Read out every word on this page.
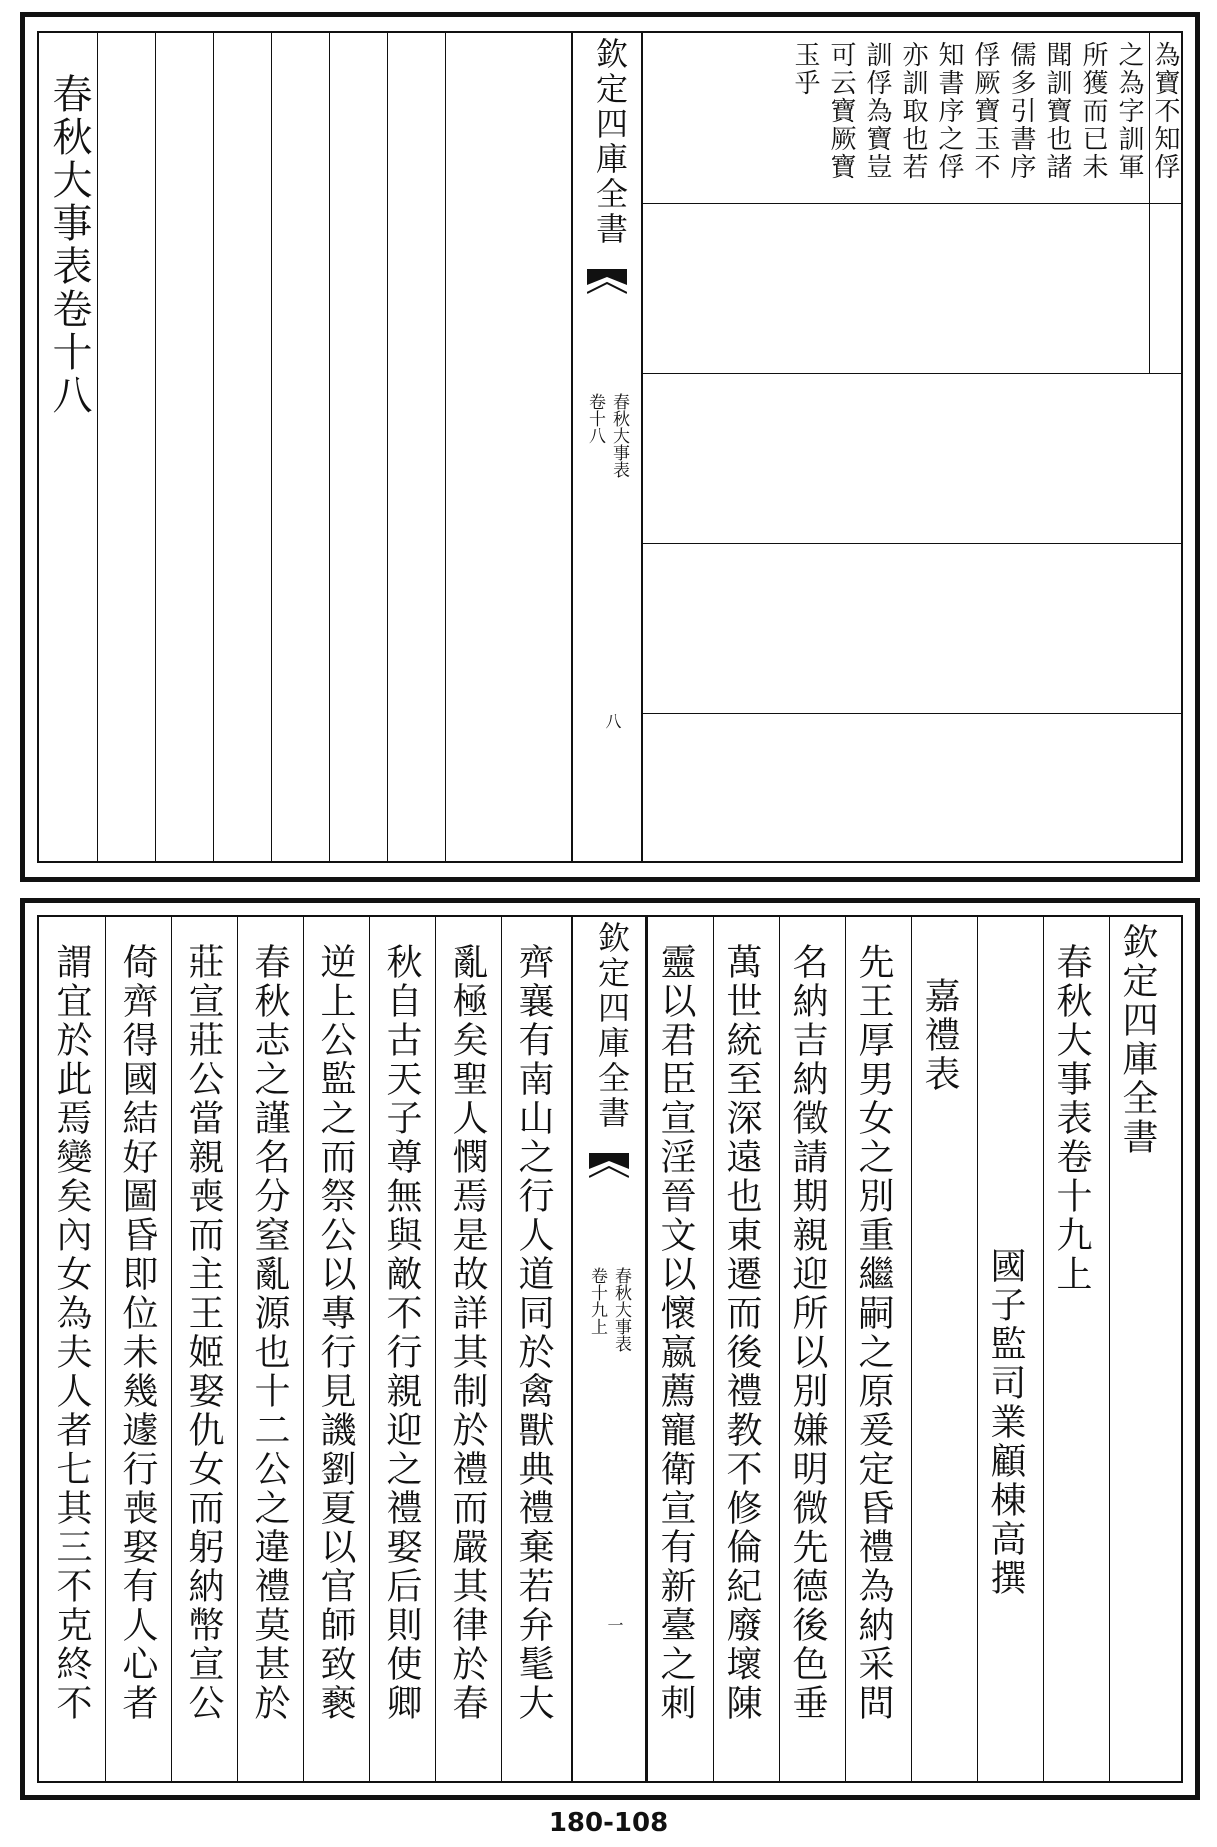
春秋大事表卷十八	欽定四庫全書
春秋大事表
卷十八
八
為寶不知俘
之為字訓軍
所獲而已未
聞訓寶也諸
儒多引書序
俘厥寶玉不
知書序之俘
亦訓取也若
訓俘為寶豈
可云寶厥寶
玉乎
謂宜於此焉變矣內女為夫人者七其三不克終不 倚齊得國結好圖昏即位未幾遽行喪娶有人心者 莊宣莊公當親喪而主王姬娶仇女而躬納幣宣公 春秋志之謹名分窒亂源也十二公之違禮莫甚於 逆上公監之而祭公以專行見譏劉夏以官師致褻 秋自古天子尊無與敵不行親迎之禮娶后則使卿 亂極矣聖人憫焉是故詳其制於禮而嚴其律於春 齊襄有南山之行人道同於禽獸典禮棄若弁髦大 欽定四庫全書
春秋大事表
卷十九上
一 靈以君臣宣淫晉文以懷嬴薦寵衛宣有新臺之刺 萬世統至深遠也東遷而後禮教不修倫紀廢壞陳 名納吉納徵請期親迎所以別嫌明微先德後色垂 先王厚男女之別重繼嗣之原爰定昏禮為納采問 嘉禮表
國子監司業顧棟高撰
春秋大事表卷十九上 欽定四庫全書
180-108
